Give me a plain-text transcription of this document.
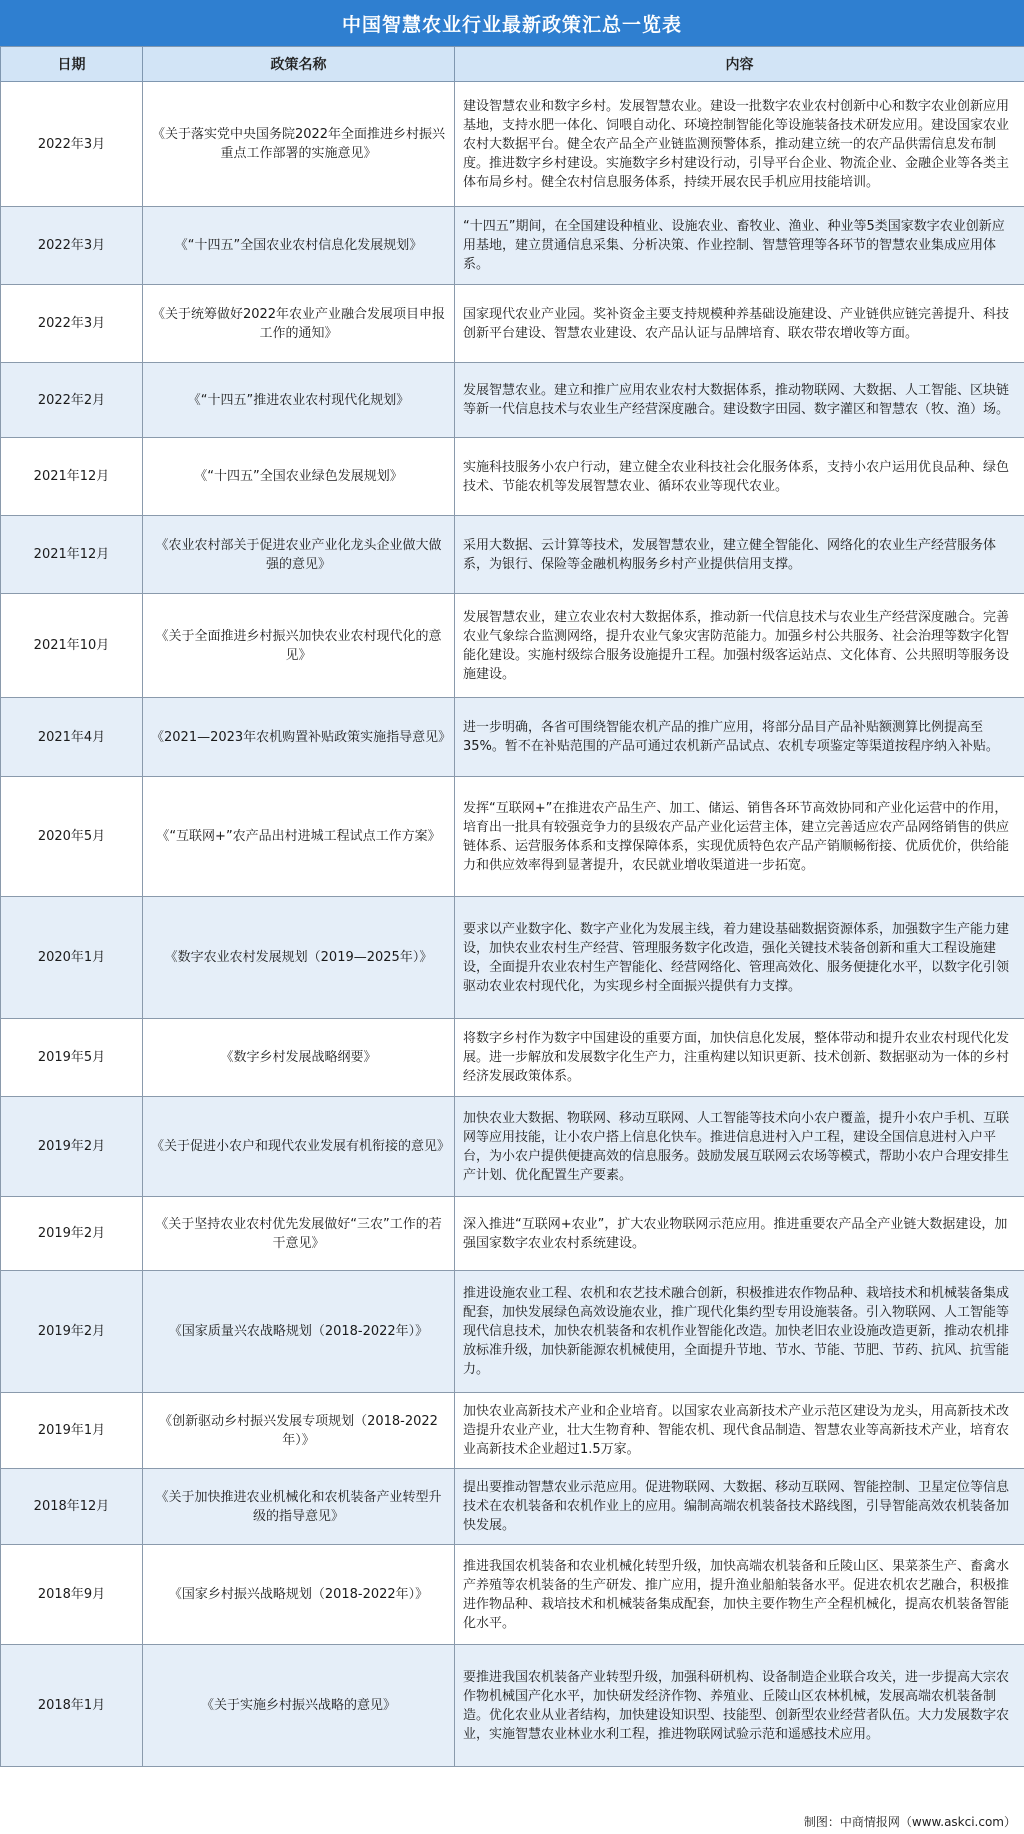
中国智慧农业行业最新政策汇总一览表
日期	政策名称	内容
2022年3月	《关于落实党中央国务院2022年全面推进乡村振兴重点工作部署的实施意见》	建设智慧农业和数字乡村。发展智慧农业。建设一批数字农业农村创新中心和数字农业创新应用基地，支持水肥一体化、饲喂自动化、环境控制智能化等设施装备技术研发应用。建设国家农业农村大数据平台。健全农产品全产业链监测预警体系，推动建立统一的农产品供需信息发布制度。推进数字乡村建设。实施数字乡村建设行动，引导平台企业、物流企业、金融企业等各类主体布局乡村。健全农村信息服务体系，持续开展农民手机应用技能培训。
2022年3月	《“十四五”全国农业农村信息化发展规划》	“十四五”期间，在全国建设种植业、设施农业、畜牧业、渔业、种业等5类国家数字农业创新应用基地，建立贯通信息采集、分析决策、作业控制、智慧管理等各环节的智慧农业集成应用体系。
2022年3月	《关于统筹做好2022年农业产业融合发展项目申报工作的通知》	国家现代农业产业园。奖补资金主要支持规模种养基础设施建设、产业链供应链完善提升、科技创新平台建设、智慧农业建设、农产品认证与品牌培育、联农带农增收等方面。
2022年2月	《“十四五”推进农业农村现代化规划》	发展智慧农业。建立和推广应用农业农村大数据体系，推动物联网、大数据、人工智能、区块链等新一代信息技术与农业生产经营深度融合。建设数字田园、数字灌区和智慧农（牧、渔）场。
2021年12月	《“十四五”全国农业绿色发展规划》	实施科技服务小农户行动，建立健全农业科技社会化服务体系，支持小农户运用优良品种、绿色技术、节能农机等发展智慧农业、循环农业等现代农业。
2021年12月	《农业农村部关于促进农业产业化龙头企业做大做强的意见》	采用大数据、云计算等技术，发展智慧农业，建立健全智能化、网络化的农业生产经营服务体系，为银行、保险等金融机构服务乡村产业提供信用支撑。
2021年10月	《关于全面推进乡村振兴加快农业农村现代化的意见》	发展智慧农业，建立农业农村大数据体系，推动新一代信息技术与农业生产经营深度融合。完善农业气象综合监测网络，提升农业气象灾害防范能力。加强乡村公共服务、社会治理等数字化智能化建设。实施村级综合服务设施提升工程。加强村级客运站点、文化体育、公共照明等服务设施建设。
2021年4月	《2021—2023年农机购置补贴政策实施指导意见》	进一步明确，各省可围绕智能农机产品的推广应用，将部分品目产品补贴额测算比例提高至35%。暂不在补贴范围的产品可通过农机新产品试点、农机专项鉴定等渠道按程序纳入补贴。
2020年5月	《“互联网+”农产品出村进城工程试点工作方案》	发挥“互联网+”在推进农产品生产、加工、储运、销售各环节高效协同和产业化运营中的作用，培育出一批具有较强竞争力的县级农产品产业化运营主体，建立完善适应农产品网络销售的供应链体系、运营服务体系和支撑保障体系，实现优质特色农产品产销顺畅衔接、优质优价，供给能力和供应效率得到显著提升，农民就业增收渠道进一步拓宽。
2020年1月	《数字农业农村发展规划（2019—2025年）》	要求以产业数字化、数字产业化为发展主线，着力建设基础数据资源体系，加强数字生产能力建设，加快农业农村生产经营、管理服务数字化改造，强化关键技术装备创新和重大工程设施建设，全面提升农业农村生产智能化、经营网络化、管理高效化、服务便捷化水平，以数字化引领驱动农业农村现代化，为实现乡村全面振兴提供有力支撑。
2019年5月	《数字乡村发展战略纲要》	将数字乡村作为数字中国建设的重要方面，加快信息化发展，整体带动和提升农业农村现代化发展。进一步解放和发展数字化生产力，注重构建以知识更新、技术创新、数据驱动为一体的乡村经济发展政策体系。
2019年2月	《关于促进小农户和现代农业发展有机衔接的意见》	加快农业大数据、物联网、移动互联网、人工智能等技术向小农户覆盖，提升小农户手机、互联网等应用技能，让小农户搭上信息化快车。推进信息进村入户工程，建设全国信息进村入户平台，为小农户提供便捷高效的信息服务。鼓励发展互联网云农场等模式，帮助小农户合理安排生产计划、优化配置生产要素。
2019年2月	《关于坚持农业农村优先发展做好“三农”工作的若干意见》	深入推进“互联网+农业”，扩大农业物联网示范应用。推进重要农产品全产业链大数据建设，加强国家数字农业农村系统建设。
2019年2月	《国家质量兴农战略规划（2018-2022年）》	推进设施农业工程、农机和农艺技术融合创新，积极推进农作物品种、栽培技术和机械装备集成配套，加快发展绿色高效设施农业，推广现代化集约型专用设施装备。引入物联网、人工智能等现代信息技术，加快农机装备和农机作业智能化改造。加快老旧农业设施改造更新，推动农机排放标准升级，加快新能源农机械使用，全面提升节地、节水、节能、节肥、节药、抗风、抗雪能力。
2019年1月	《创新驱动乡村振兴发展专项规划（2018-2022年）》	加快农业高新技术产业和企业培育。以国家农业高新技术产业示范区建设为龙头，用高新技术改造提升农业产业，壮大生物育种、智能农机、现代食品制造、智慧农业等高新技术产业，培育农业高新技术企业超过1.5万家。
2018年12月	《关于加快推进农业机械化和农机装备产业转型升级的指导意见》	提出要推动智慧农业示范应用。促进物联网、大数据、移动互联网、智能控制、卫星定位等信息技术在农机装备和农机作业上的应用。编制高端农机装备技术路线图，引导智能高效农机装备加快发展。
2018年9月	《国家乡村振兴战略规划（2018-2022年）》	推进我国农机装备和农业机械化转型升级，加快高端农机装备和丘陵山区、果菜茶生产、畜禽水产养殖等农机装备的生产研发、推广应用，提升渔业船舶装备水平。促进农机农艺融合，积极推进作物品种、栽培技术和机械装备集成配套，加快主要作物生产全程机械化，提高农机装备智能化水平。
2018年1月	《关于实施乡村振兴战略的意见》	要推进我国农机装备产业转型升级，加强科研机构、设备制造企业联合攻关，进一步提高大宗农作物机械国产化水平，加快研发经济作物、养殖业、丘陵山区农林机械，发展高端农机装备制造。优化农业从业者结构，加快建设知识型、技能型、创新型农业经营者队伍。大力发展数字农业，实施智慧农业林业水利工程，推进物联网试验示范和遥感技术应用。
制图：中商情报网（www.askci.com）
